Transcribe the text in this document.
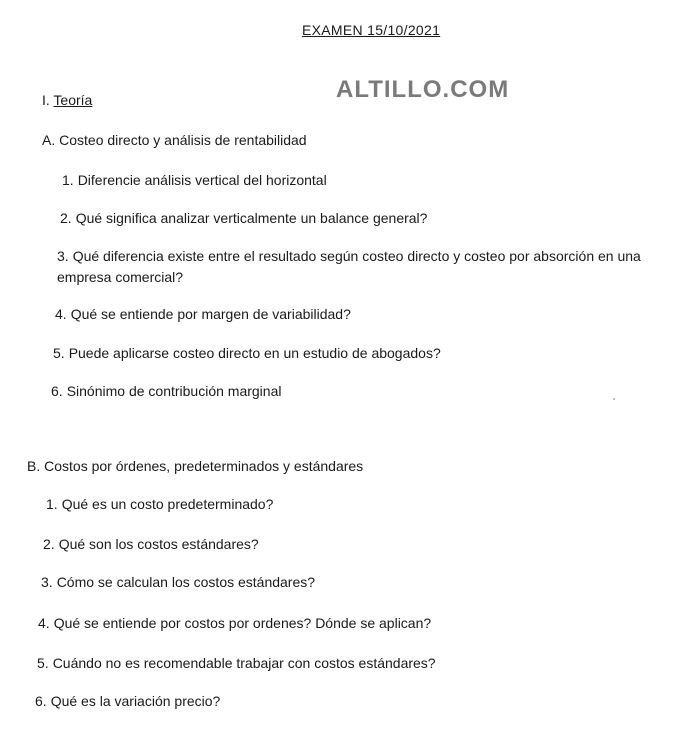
EXAMEN 15/10/2021
ALTILLO.COM
I. Teoría
A. Costeo directo y análisis de rentabilidad
1. Diferencie análisis vertical del horizontal
2. Qué significa analizar verticalmente un balance general?
3. Qué diferencia existe entre el resultado según costeo directo y costeo por absorción en una empresa comercial?
4. Qué se entiende por margen de variabilidad?
5. Puede aplicarse costeo directo en un estudio de abogados?
6. Sinónimo de contribución marginal
B. Costos por órdenes, predeterminados y estándares
1. Qué es un costo predeterminado?
2. Qué son los costos estándares?
3. Cómo se calculan los costos estándares?
4. Qué se entiende por costos por ordenes? Dónde se aplican?
5. Cuándo no es recomendable trabajar con costos estándares?
6. Qué es la variación precio?
